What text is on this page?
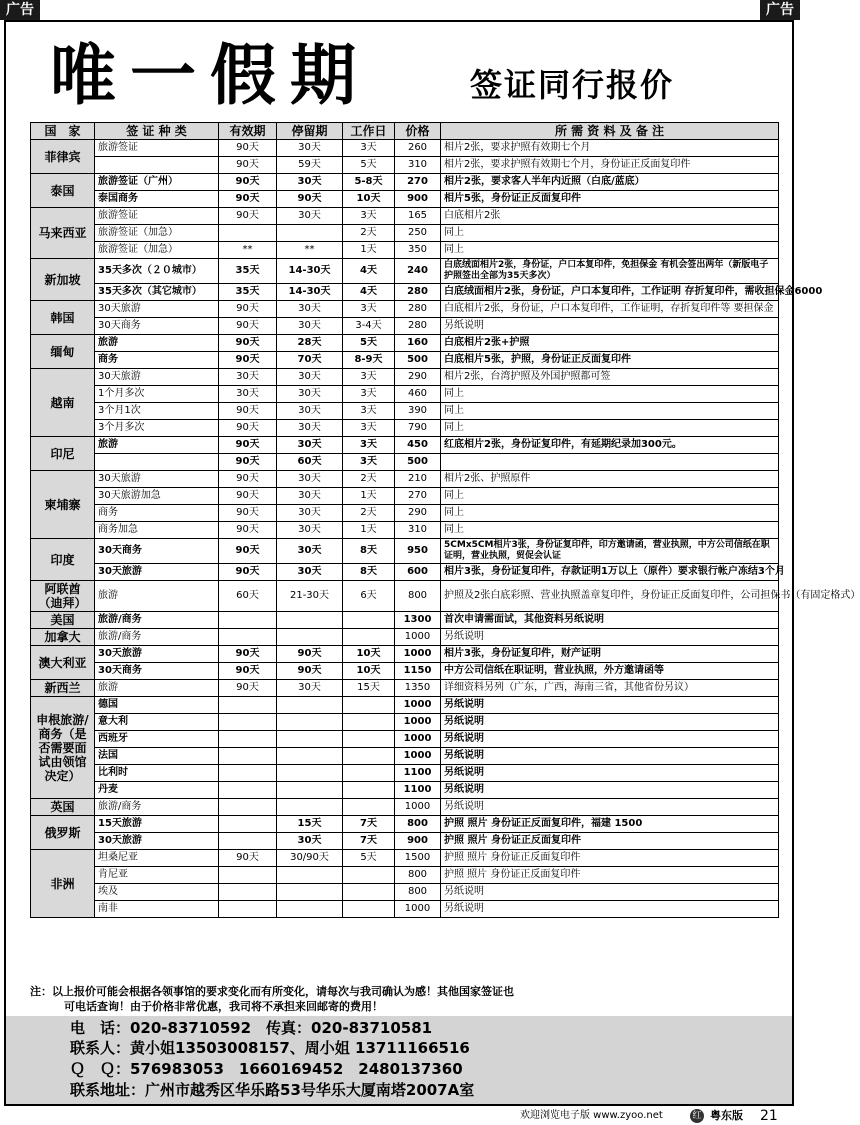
广告	广告
唯一假期	签证同行报价
国　家	签 证 种 类	有效期	停留期	工作日	价格	所 需 资 料 及 备 注
菲律宾	旅游签证	90天	30天	3天	260	相片2张，要求护照有效期七个月
		90天	59天	5天	310	相片2张，要求护照有效期七个月，身份证正反面复印件
泰国	旅游签证（广州）	90天	30天	5-8天	270	相片2张，要求客人半年内近照（白底/蓝底）
	泰国商务	90天	90天	10天	900	相片5张，身份证正反面复印件
马来西亚	旅游签证	90天	30天	3天	165	白底相片2张
	旅游签证（加急）			2天	250	同上
	旅游签证（加急）	**	**	1天	350	同上
新加坡	35天多次（２０城市）	35天	14-30天	4天	240	白底绒面相片2张，身份证，户口本复印件，免担保金 有机会签出两年（新版电子护照签出全部为35天多次）
	35天多次（其它城市）	35天	14-30天	4天	280	白底绒面相片2张，身份证，户口本复印件，工作证明 存折复印件，需收担保金6000
韩国	30天旅游	90天	30天	3天	280	白底相片2张，身份证，户口本复印件，工作证明，存折复印件等 要担保金
	30天商务	90天	30天	3-4天	280	另纸说明
缅甸	旅游	90天	28天	5天	160	白底相片2张+护照
	商务	90天	70天	8-9天	500	白底相片5张，护照，身份证正反面复印件
越南	30天旅游	30天	30天	3天	290	相片2张，台湾护照及外国护照都可签
	1个月多次	30天	30天	3天	460	同上
	3个月1次	90天	30天	3天	390	同上
	3个月多次	90天	30天	3天	790	同上
印尼	旅游	90天	30天	3天	450	红底相片2张，身份证复印件，有延期纪录加300元。
		90天	60天	3天	500	
柬埔寨	30天旅游	90天	30天	2天	210	相片2张、护照原件
	30天旅游加急	90天	30天	1天	270	同上
	商务	90天	30天	2天	290	同上
	商务加急	90天	30天	1天	310	同上
印度	30天商务	90天	30天	8天	950	5CMx5CM相片3张，身份证复印件，印方邀请函，营业执照，中方公司信纸在职证明，营业执照，贸促会认证
	30天旅游	90天	30天	8天	600	相片3张，身份证复印件，存款证明1万以上（原件）要求银行帐户冻结3个月
阿联酋（迪拜）	旅游	60天	21-30天	6天	800	护照及2张白底彩照、营业执照盖章复印件，身份证正反面复印件，公司担保书（有固定格式）
美国	旅游/商务				1300	首次申请需面试，其他资料另纸说明
加拿大	旅游/商务				1000	另纸说明
澳大利亚	30天旅游	90天	90天	10天	1000	相片3张，身份证复印件，财产证明
	30天商务	90天	90天	10天	1150	中方公司信纸在职证明，营业执照，外方邀请函等
新西兰	旅游	90天	30天	15天	1350	详细资料另列（广东，广西，海南三省，其他省份另议）
申根旅游/商务（是否需要面试由领馆决定）	德国				1000	另纸说明
	意大利				1000	另纸说明
	西班牙				1000	另纸说明
	法国				1000	另纸说明
	比利时				1100	另纸说明
	丹麦				1100	另纸说明
英国	旅游/商务				1000	另纸说明
俄罗斯	15天旅游		15天	7天	800	护照 照片 身份证正反面复印件，福建 1500
	30天旅游		30天	7天	900	护照 照片 身份证正反面复印件
非洲	坦桑尼亚	90天	30/90天	5天	1500	护照 照片 身份证正反面复印件
	肯尼亚				800	护照 照片 身份证正反面复印件
	埃及				800	另纸说明
	南非				1000	另纸说明
注：以上报价可能会根据各领事馆的要求变化而有所变化，请每次与我司确认为感！其他国家签证也
可电话查询！由于价格非常优惠，我司将不承担来回邮寄的费用！
电　话：020-83710592　传真：020-83710581
联系人：黄小姐13503008157、周小姐 13711166516
Ｑ　Ｑ：576983053　1660169452　2480137360
联系地址：广州市越秀区华乐路53号华乐大厦南塔2007A室
欢迎浏览电子版 www.zyoo.net	红 粤东版 21
